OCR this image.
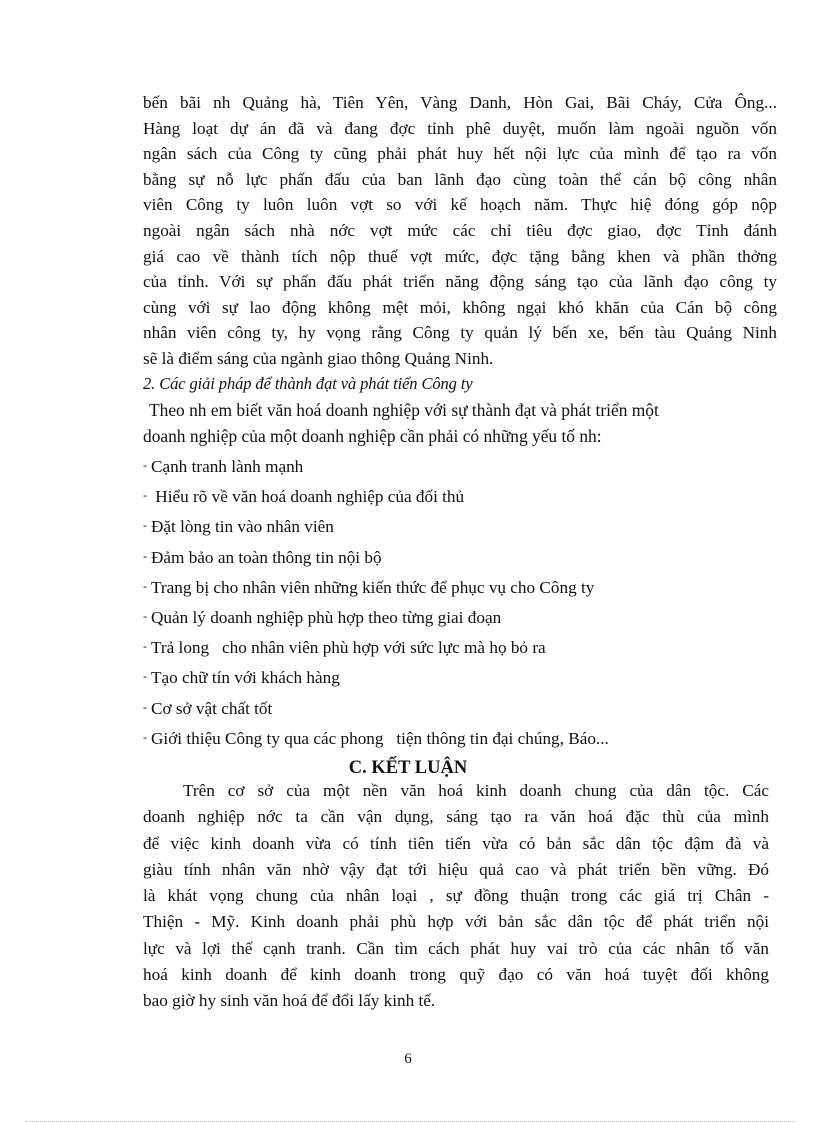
bến bãi nh Quảng hà, Tiên Yên, Vàng Danh, Hòn Gai, Bãi Cháy, Cửa Ông...
Hàng loạt dự án đã và đang đợc tỉnh phê duyệt, muốn làm ngoài nguồn vốn
ngân sách của Công ty cũng phải phát huy hết nội lực của mình để tạo ra vốn
bằng sự nỗ lực phấn đấu của ban lãnh đạo cùng toàn thể cán bộ công nhân
viên Công ty luôn luôn vợt so với kế hoạch năm. Thực hiệ đóng góp nộp
ngoài ngân sách nhà nớc vợt mức các chỉ tiêu đợc giao, đợc Tỉnh đánh
giá cao về thành tích nộp thuế vợt mức, đợc tặng bằng khen và phần thởng
của tỉnh. Với sự phấn đấu phát triển năng động sáng tạo của lãnh đạo công ty
cùng với sự lao động không mệt mỏi, không ngại khó khăn của Cán bộ công
nhân viên công ty, hy vọng rằng Công ty quản lý bến xe, bến tàu Quảng Ninh
sẽ là điểm sáng của ngành giao thông Quảng Ninh.
2. Các giải pháp để thành đạt và phát tiển Công ty
Theo nh em biết văn hoá doanh nghiệp với sự thành đạt và phát triển một
doanh nghiệp của một doanh nghiệp cần phải có những yếu tố nh:
- Cạnh tranh lành mạnh
- Hiểu rõ về văn hoá doanh nghiệp của đối thủ
- Đặt lòng tin vào nhân viên
- Đảm bảo an toàn thông tin nội bộ
- Trang bị cho nhân viên những kiến thức để phục vụ cho Công ty
- Quản lý doanh nghiệp phù hợp theo từng giai đoạn
- Trả long   cho nhân viên phù hợp với sức lực mà họ bỏ ra
- Tạo chữ tín với khách hàng
- Cơ sở vật chất tốt
- Giới thiệu Công ty qua các phong   tiện thông tin đại chúng, Báo...
C. KẾT LUẬN
Trên cơ sở của một nền văn hoá kinh doanh chung của dân tộc. Các
doanh nghiệp nớc ta cần vận dụng, sáng tạo ra văn hoá đặc thù của mình
để việc kinh doanh vừa có tính tiên tiến vừa có bản sắc dân tộc đậm đà và
giàu tính nhân văn nhờ vậy đạt tới hiệu quả cao và phát triển bền vững. Đó
là khát vọng chung của nhân loại , sự đồng thuận trong các giá trị Chân -
Thiện - Mỹ. Kinh doanh phải phù hợp với bản sắc dân tộc để phát triển nội
lực và lợi thế cạnh tranh. Cần tìm cách phát huy vai trò của các nhân tố văn
hoá kinh doanh để kinh doanh trong quỹ đạo có văn hoá tuyệt đối không
bao giờ hy sinh văn hoá để đổi lấy kinh tế.
6
